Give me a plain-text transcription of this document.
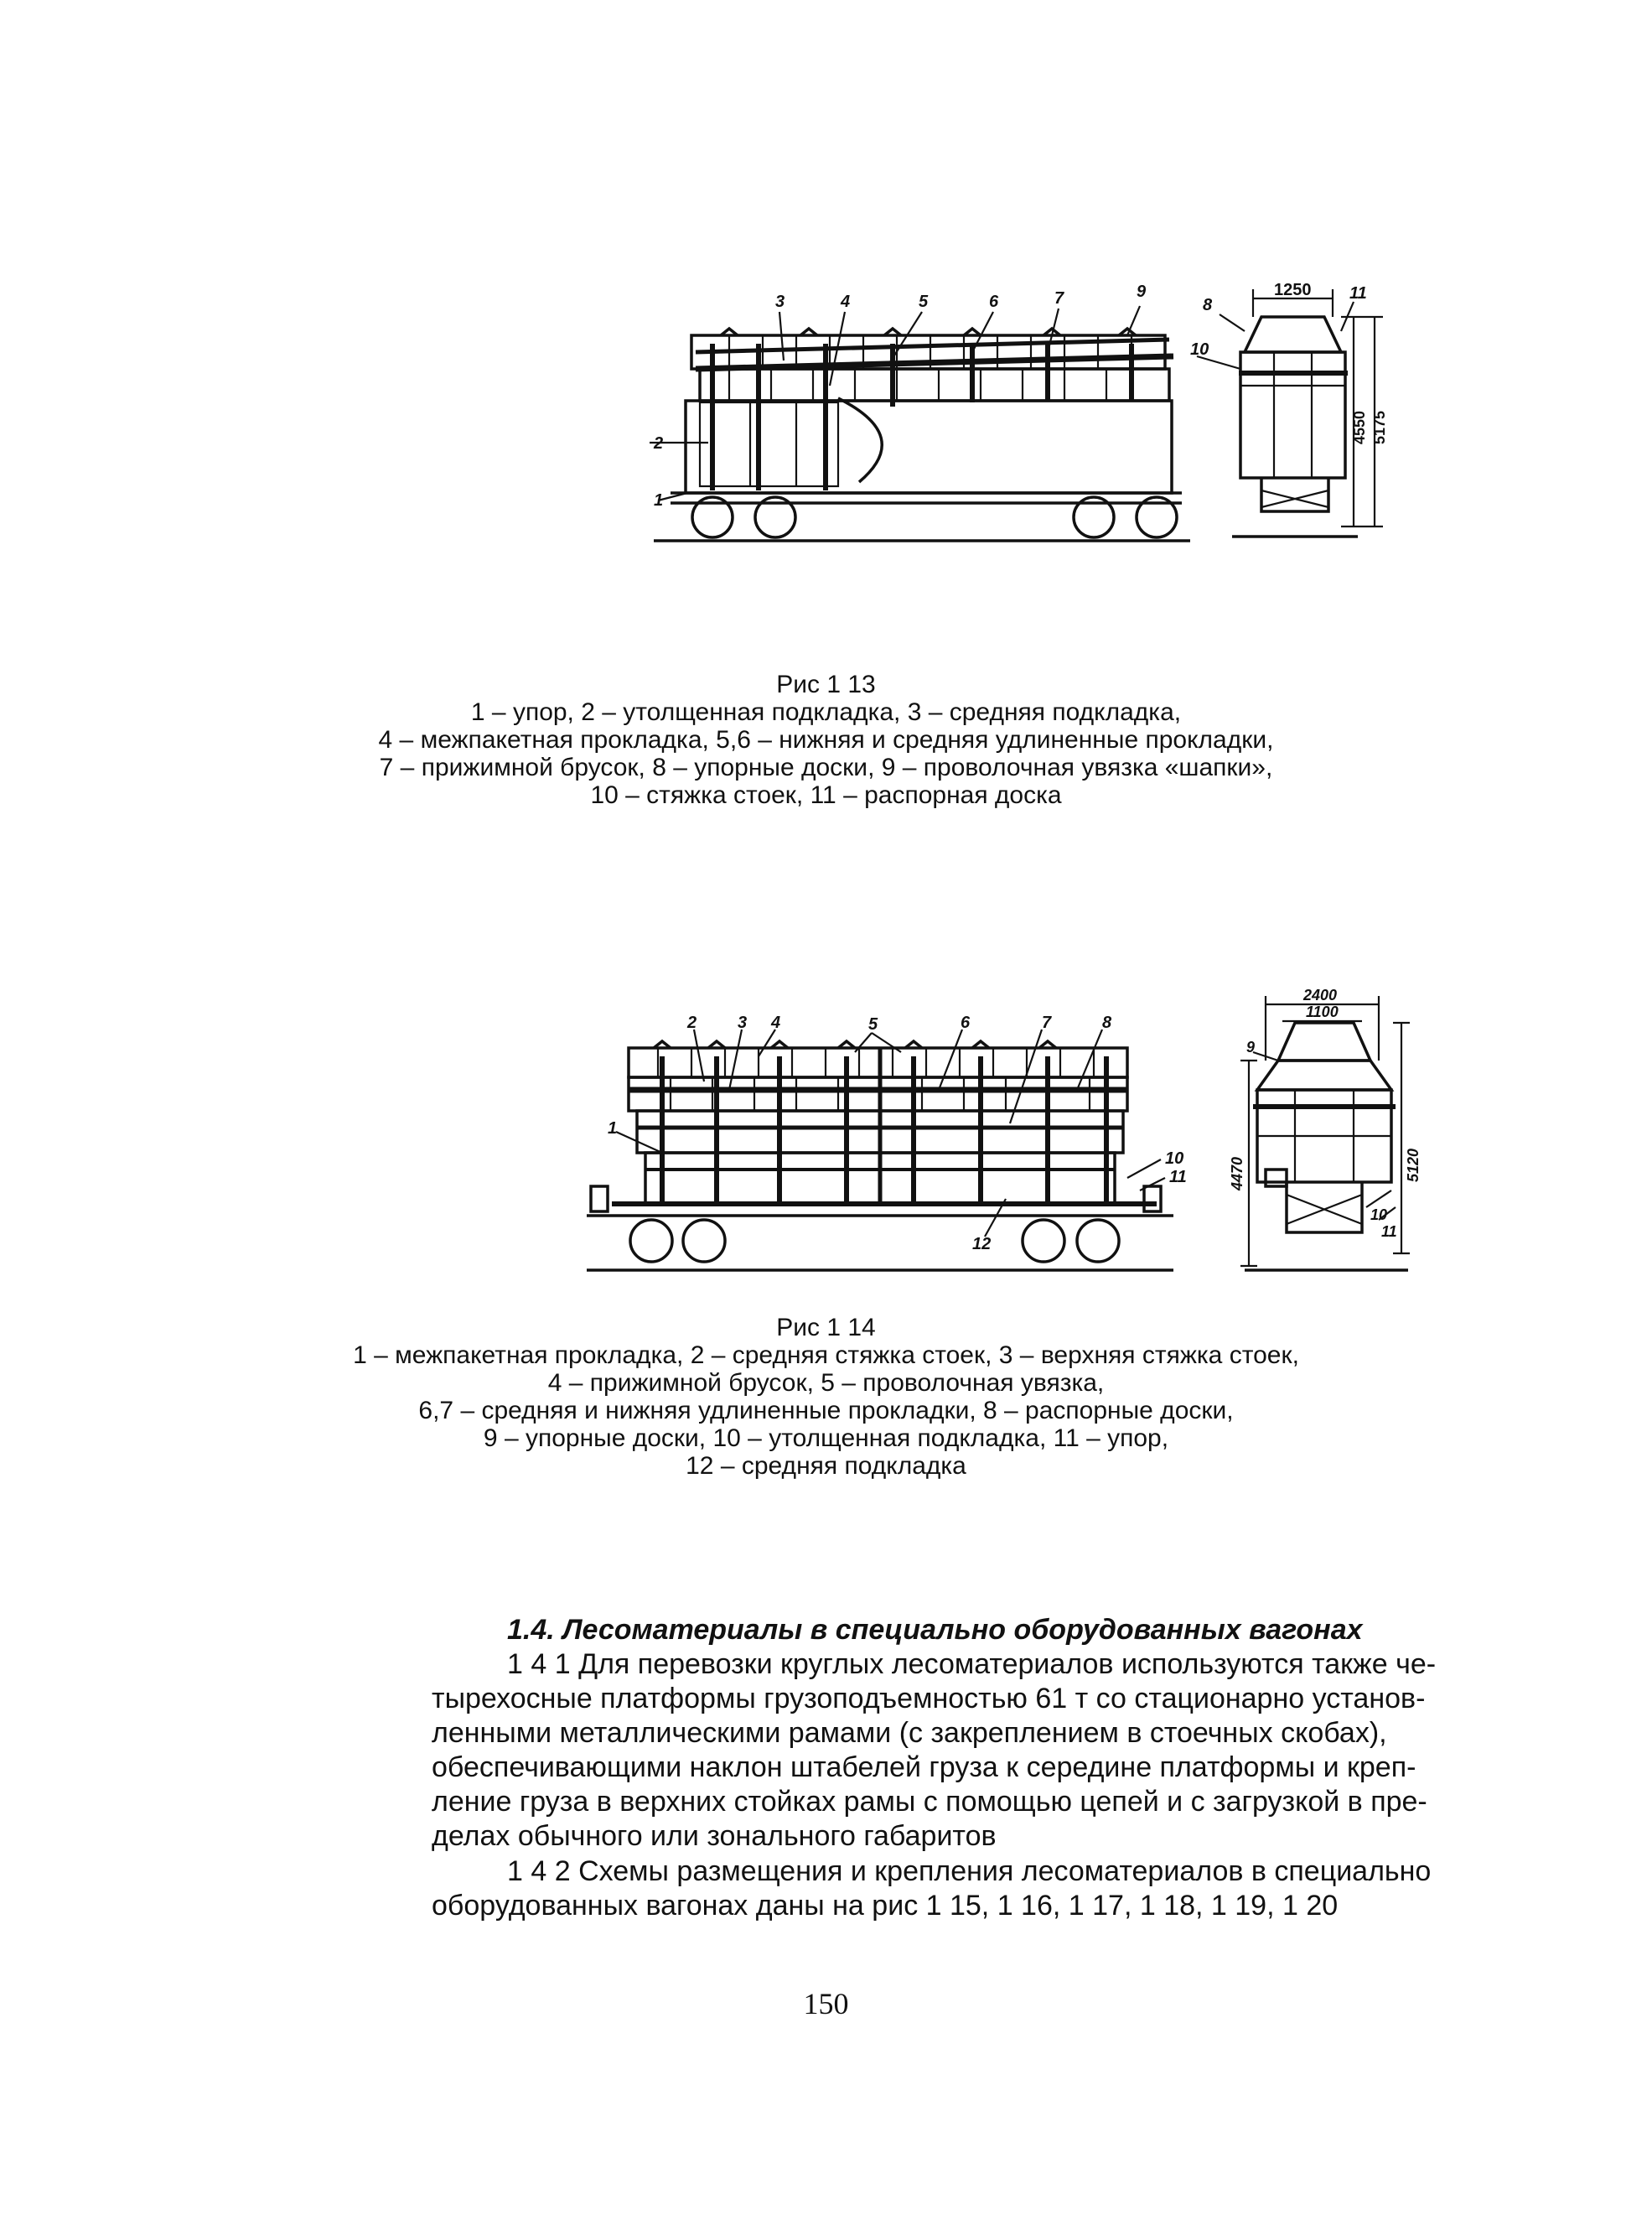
3	4	5	6	7	9
8
11
10
2
1
1250
4550 5175
Рис 1 13
1 – упор, 2 – утолщенная подкладка, 3 – средняя подкладка,
4 – межпакетная прокладка, 5,6 – нижняя и средняя удлиненные прокладки,
7 – прижимной брусок, 8 – упорные доски, 9 – проволочная увязка «шапки»,
10 – стяжка стоек, 11 – распорная доска
2 3 4	5	6	7	8
1
10
11
12
9
10
11
2400
1100
4470	5120
Рис 1 14
1 – межпакетная прокладка, 2 – средняя стяжка стоек, 3 – верхняя стяжка стоек,
4 – прижимной брусок, 5 – проволочная увязка,
6,7 – средняя и нижняя удлиненные прокладки, 8 – распорные доски,
9 – упорные доски, 10 – утолщенная подкладка, 11 – упор,
12 – средняя подкладка
1.4. Лесоматериалы в специально оборудованных вагонах
1 4 1 Для перевозки круглых лесоматериалов используются также че-
тырехосные платформы грузоподъемностью 61 т со стационарно установ-
ленными металлическими рамами (с закреплением в стоечных скобах),
обеспечивающими наклон штабелей груза к середине платформы и креп-
ление груза в верхних стойках рамы с помощью цепей и с загрузкой в пре-
делах обычного или зонального габаритов
1 4 2 Схемы размещения и крепления лесоматериалов в специально
оборудованных вагонах даны на рис 1 15, 1 16, 1 17, 1 18, 1 19, 1 20
150
